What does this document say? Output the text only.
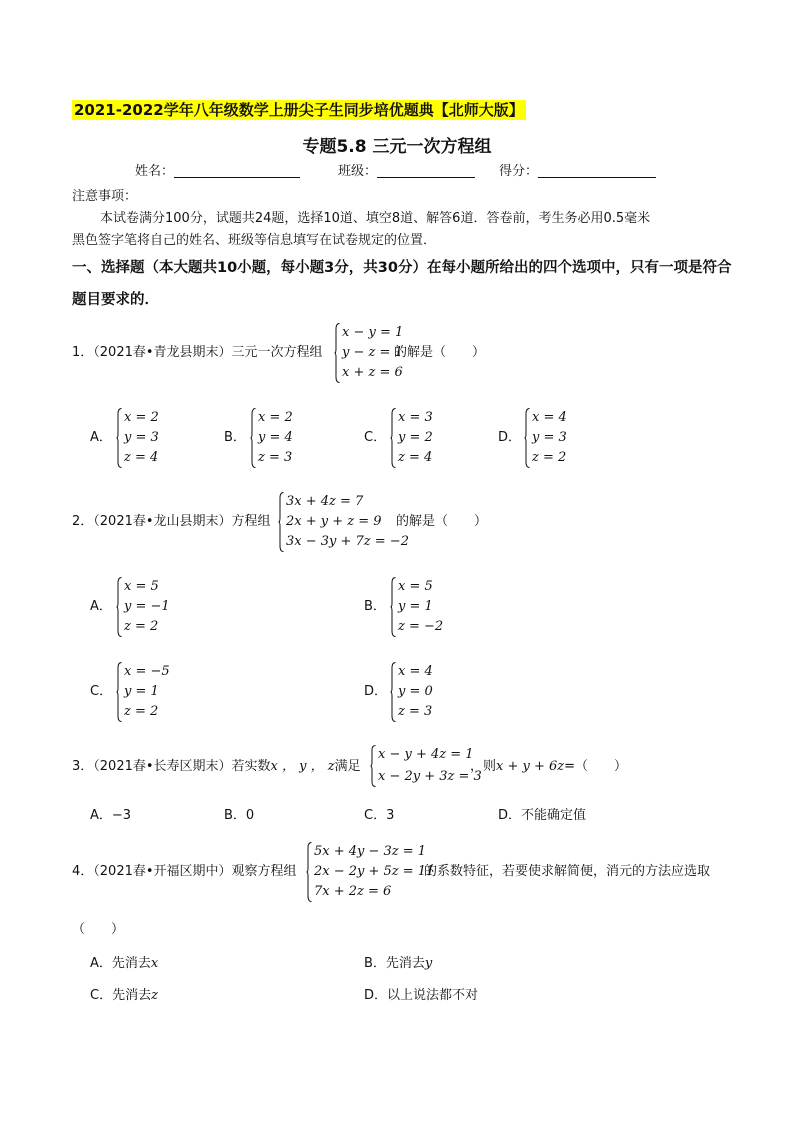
2021-2022学年八年级数学上册尖子生同步培优题典【北师大版】
专题5.8 三元一次方程组
姓名：	班级：	得分：
注意事项：
本试卷满分100分，试题共24题，选择10道、填空8道、解答6道．答卷前，考生务必用0.5毫米
黑色签字笔将自己的姓名、班级等信息填写在试卷规定的位置．
一、选择题（本大题共10小题，每小题3分，共30分）在每小题所给出的四个选项中，只有一项是符合
题目要求的．
1．（2021春•青龙县期末）三元一次方程组
x − y = 1
y − z = 1
x + z = 6
的解是（　　）
A．
x = 2
y = 3
z = 4
B．
x = 2
y = 4
z = 3
C．
x = 3
y = 2
z = 4
D．
x = 4
y = 3
z = 2
2．（2021春•龙山县期末）方程组
3x + 4z = 7
2x + y + z = 9
3x − 3y + 7z = −2
的解是（　　）
A．
x = 5
y = −1
z = 2
B．
x = 5
y = 1
z = −2
C．
x = −5
y = 1
z = 2
D．
x = 4
y = 0
z = 3
3．（2021春•长寿区期末）若实数x ， y ， z满足
x − y + 4z = 1
x − 2y + 3z = 3
，则x + y + 6z=（　　）
A．−3	B．0	C．3	D．不能确定值
4．（2021春•开福区期中）观察方程组
5x + 4y − 3z = 1
2x − 2y + 5z = 11
7x + 2z = 6
的系数特征，若要使求解简便，消元的方法应选取
（　　）
A．先消去x	B．先消去y
C．先消去z	D．以上说法都不对
